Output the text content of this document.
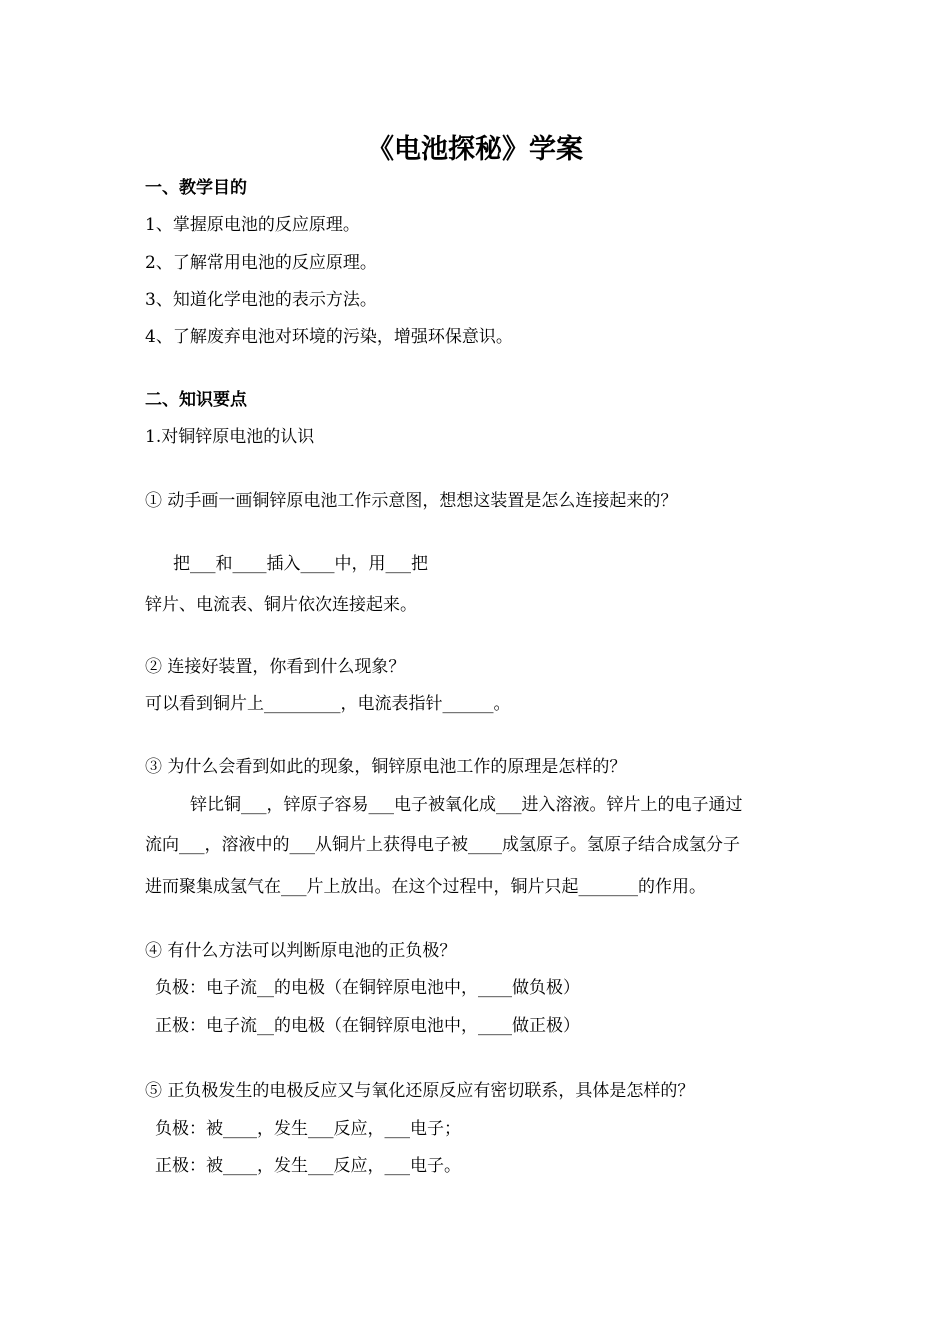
《电池探秘》学案
一、教学目的
1、掌握原电池的反应原理。
2、了解常用电池的反应原理。
3、知道化学电池的表示方法。
4、了解废弃电池对环境的污染，增强环保意识。
二、知识要点
1.对铜锌原电池的认识
① 动手画一画铜锌原电池工作示意图，想想这装置是怎么连接起来的？
把___和____插入____中，用___把
锌片、电流表、铜片依次连接起来。
② 连接好装置，你看到什么现象？
可以看到铜片上_________，电流表指针______。
③ 为什么会看到如此的现象，铜锌原电池工作的原理是怎样的？
锌比铜___，锌原子容易___电子被氧化成___进入溶液。锌片上的电子通过
流向___，溶液中的___从铜片上获得电子被____成氢原子。氢原子结合成氢分子
进而聚集成氢气在___片上放出。在这个过程中，铜片只起_______的作用。
④ 有什么方法可以判断原电池的正负极？
负极：电子流__的电极（在铜锌原电池中，____做负极）
正极：电子流__的电极（在铜锌原电池中，____做正极）
⑤ 正负极发生的电极反应又与氧化还原反应有密切联系，具体是怎样的？
负极：被____，发生___反应，___电子；
正极：被____，发生___反应，___电子。
